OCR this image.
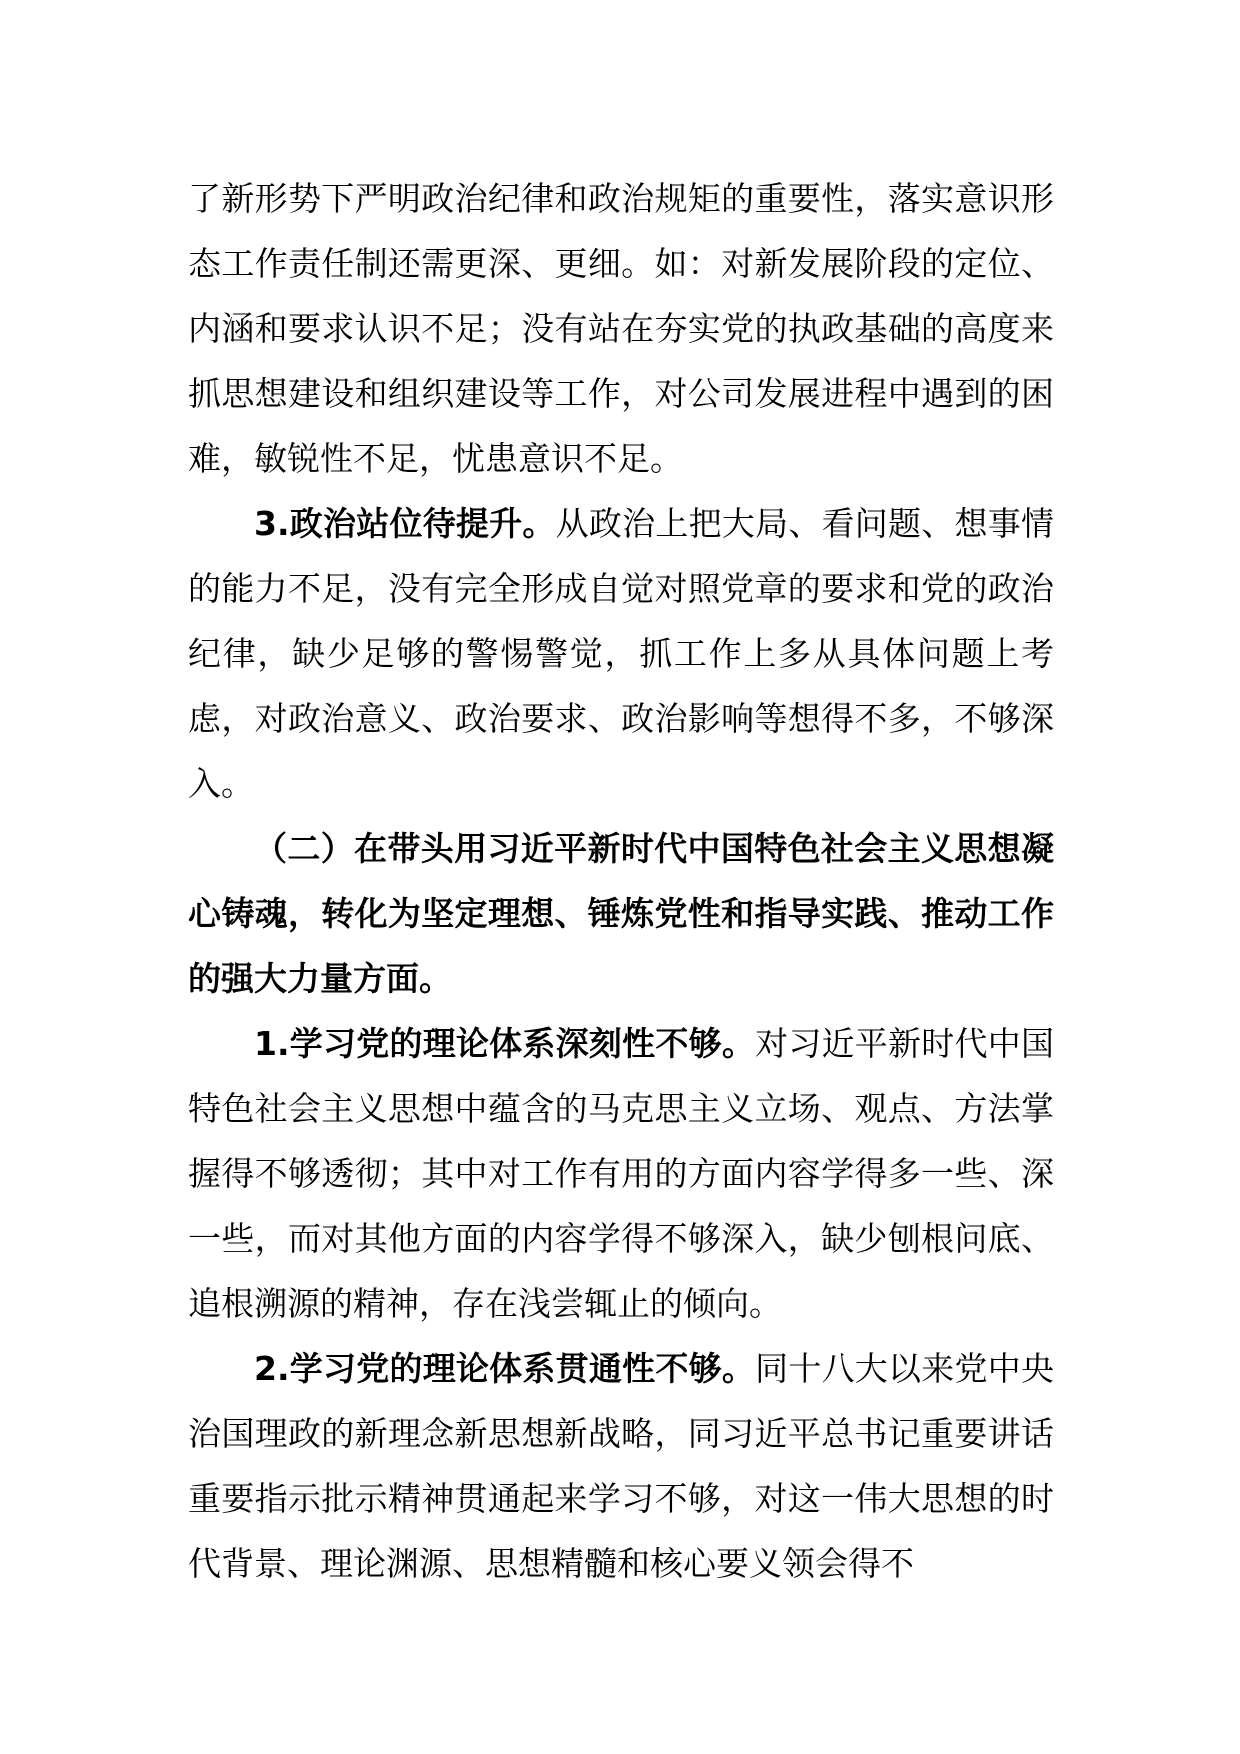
了新形势下严明政治纪律和政治规矩的重要性，落实意识形态工作责任制还需更深、更细。如：对新发展阶段的定位、内涵和要求认识不足；没有站在夯实党的执政基础的高度来抓思想建设和组织建设等工作，对公司发展进程中遇到的困难，敏锐性不足，忧患意识不足。

3.政治站位待提升。从政治上把大局、看问题、想事情的能力不足，没有完全形成自觉对照党章的要求和党的政治纪律，缺少足够的警惕警觉，抓工作上多从具体问题上考虑，对政治意义、政治要求、政治影响等想得不多，不够深入。

（二）在带头用习近平新时代中国特色社会主义思想凝心铸魂，转化为坚定理想、锤炼党性和指导实践、推动工作的强大力量方面。

1.学习党的理论体系深刻性不够。对习近平新时代中国特色社会主义思想中蕴含的马克思主义立场、观点、方法掌握得不够透彻；其中对工作有用的方面内容学得多一些、深一些，而对其他方面的内容学得不够深入，缺少刨根问底、追根溯源的精神，存在浅尝辄止的倾向。

2.学习党的理论体系贯通性不够。同十八大以来党中央治国理政的新理念新思想新战略，同习近平总书记重要讲话重要指示批示精神贯通起来学习不够，对这一伟大思想的时代背景、理论渊源、思想精髓和核心要义领会得不
